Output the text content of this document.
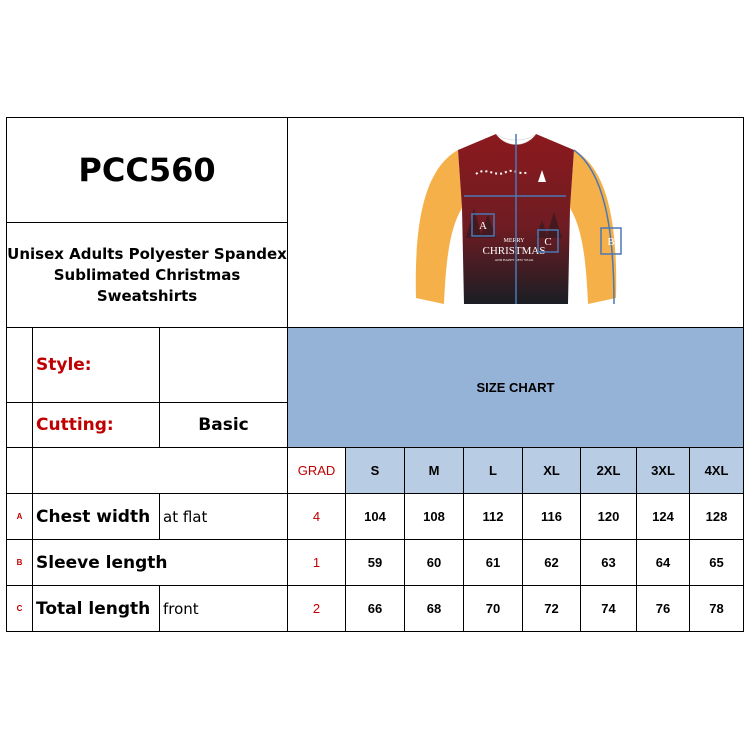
PCC560
Unisex Adults Polyester Spandex
Sublimated Christmas Sweatshirts
MERRY
CHRISTMAS
AND HAPPY NEW YEAR
A
C	B
Style:
Cutting:	Basic
SIZE CHART
GRAD	S	M	L	XL	2XL 3XL 4XL
A Chest width at flat	4	104	108	112	116	120	124 128
B Sleeve length	1	59	60	61	62	63	64	65
C Total length front	2	66	68	70	72	74	76	78
